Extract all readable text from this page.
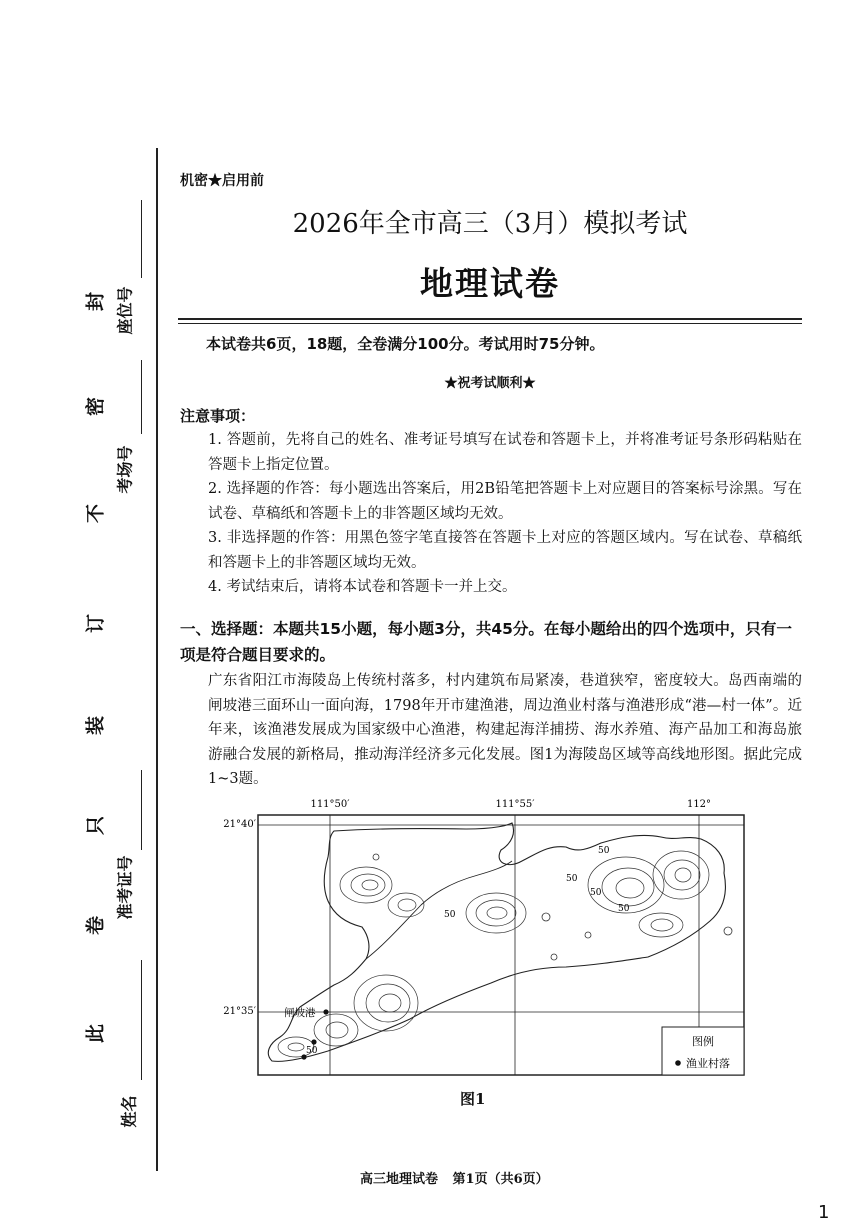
封
密
不
订
装
只
卷
此
座位号
考场号
准考证号
姓名
机密★启用前
2026年全市高三（3月）模拟考试
地理试卷
本试卷共6页，18题，全卷满分100分。考试用时75分钟。
★祝考试顺利★
注意事项：
1. 答题前，先将自己的姓名、准考证号填写在试卷和答题卡上，并将准考证号条形码粘贴在答题卡上指定位置。
2. 选择题的作答：每小题选出答案后，用2B铅笔把答题卡上对应题目的答案标号涂黑。写在试卷、草稿纸和答题卡上的非答题区域均无效。
3. 非选择题的作答：用黑色签字笔直接答在答题卡上对应的答题区域内。写在试卷、草稿纸和答题卡上的非答题区域均无效。
4. 考试结束后，请将本试卷和答题卡一并上交。
一、选择题：本题共15小题，每小题3分，共45分。在每小题给出的四个选项中，只有一项是符合题目要求的。
广东省阳江市海陵岛上传统村落多，村内建筑布局紧凑，巷道狭窄，密度较大。岛西南端的闸坡港三面环山一面向海，1798年开市建渔港，周边渔业村落与渔港形成“港—村一体”。近年来，该渔港发展成为国家级中心渔港，构建起海洋捕捞、海水养殖、海产品加工和海岛旅游融合发展的新格局，推动海洋经济多元化发展。图1为海陵岛区域等高线地形图。据此完成1~3题。
111°50′	111°55′	112°
21°40′
21°35′
50
50
50
50
50
50
闸坡港
图例
渔业村落
图1
高三地理试卷 第1页（共6页）
1
